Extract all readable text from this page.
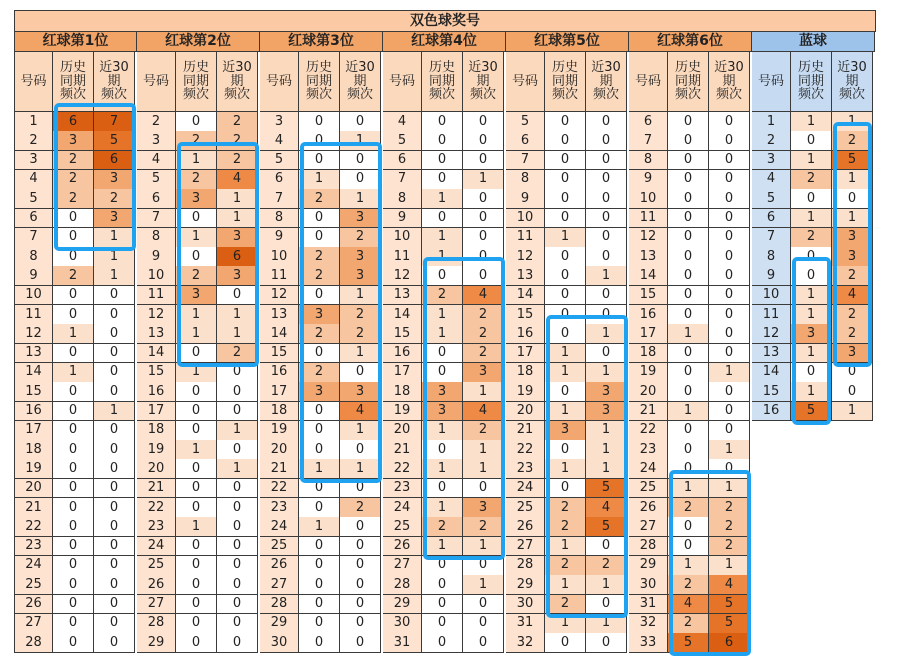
双色球奖号
红球第1位
号码
历史
同期
频次
近30
期
频次
1	6	7
2	3	5
3	2	6
4	2	3
5	2	2
6	0	3
7	0	1
8	0	1
9	2	1
10	0	0
11	0	0
12	1	0
13	0	0
14	1	0
15	0	0
16	0	1
17	0	0
18	0	0
19	0	0
20	0	0
21	0	0
22	0	0
23	0	0
24	0	0
25	0	0
26	0	0
27	0	0
28	0	0
红球第2位
号码
历史
同期
频次
近30
期
频次
2	0	2
3	2	2
4	1	2
5	2	4
6	3	1
7	0	1
8	1	3
9	0	6
10	2	3
11	3	0
12	1	1
13	1	1
14	0	2
15	1	0
16	0	0
17	0	0
18	0	1
19	1	0
20	0	1
21	0	0
22	0	0
23	1	0
24	0	0
25	0	0
26	0	0
27	0	0
28	0	0
29	0	0
红球第3位
号码
历史
同期
频次
近30
期
频次
3	0	0
4	0	1
5	0	0
6	1	0
7	2	1
8	0	3
9	0	2
10	2	3
11	2	3
12	0	1
13	3	2
14	2	2
15	0	1
16	2	0
17	3	3
18	0	4
19	0	1
20	0	0
21	1	1
22	0	0
23	0	2
24	1	0
25	0	0
26	0	0
27	0	0
28	0	0
29	0	0
30	0	0
红球第4位
号码
历史
同期
频次
近30
期
频次
4	0	0
5	0	0
6	0	0
7	0	1
8	1	0
9	0	0
10	1	0
11	1	0
12	0	0
13	2	4
14	1	2
15	1	2
16	0	2
17	0	3
18	3	1
19	3	4
20	1	2
21	0	1
22	1	1
23	0	0
24	1	3
25	2	2
26	1	1
27	0	0
28	0	1
29	0	0
30	0	0
31	0	0
红球第5位
号码
历史
同期
频次
近30
期
频次
5	0	0
6	0	0
7	0	0
8	0	0
9	0	0
10	0	0
11	1	0
12	0	0
13	0	1
14	0	0
15	0	0
16	0	1
17	1	0
18	1	1
19	0	3
20	1	3
21	3	1
22	0	1
23	1	1
24	0	5
25	2	4
26	2	5
27	1	0
28	2	2
29	1	1
30	2	0
31	1	1
32	0	0
红球第6位
号码
历史
同期
频次
近30
期
频次
6	0	0
7	0	0
8	0	0
9	0	0
10	0	0
11	0	0
12	0	0
13	0	0
14	0	0
15	0	0
16	0	0
17	1	0
18	0	0
19	0	1
20	0	0
21	1	0
22	0	0
23	0	1
24	0	0
25	1	1
26	2	2
27	0	2
28	0	2
29	1	1
30	2	4
31	4	5
32	2	5
33	5	6
蓝球
号码
历史
同期
频次
近30
期
频次
1	1	1
2	0	2
3	1	5
4	2	1
5	0	0
6	1	1
7	2	3
8	0	3
9	0	2
10	1	4
11	1	2
12	3	2
13	1	3
14	0	0
15	1	0
16	5	1
